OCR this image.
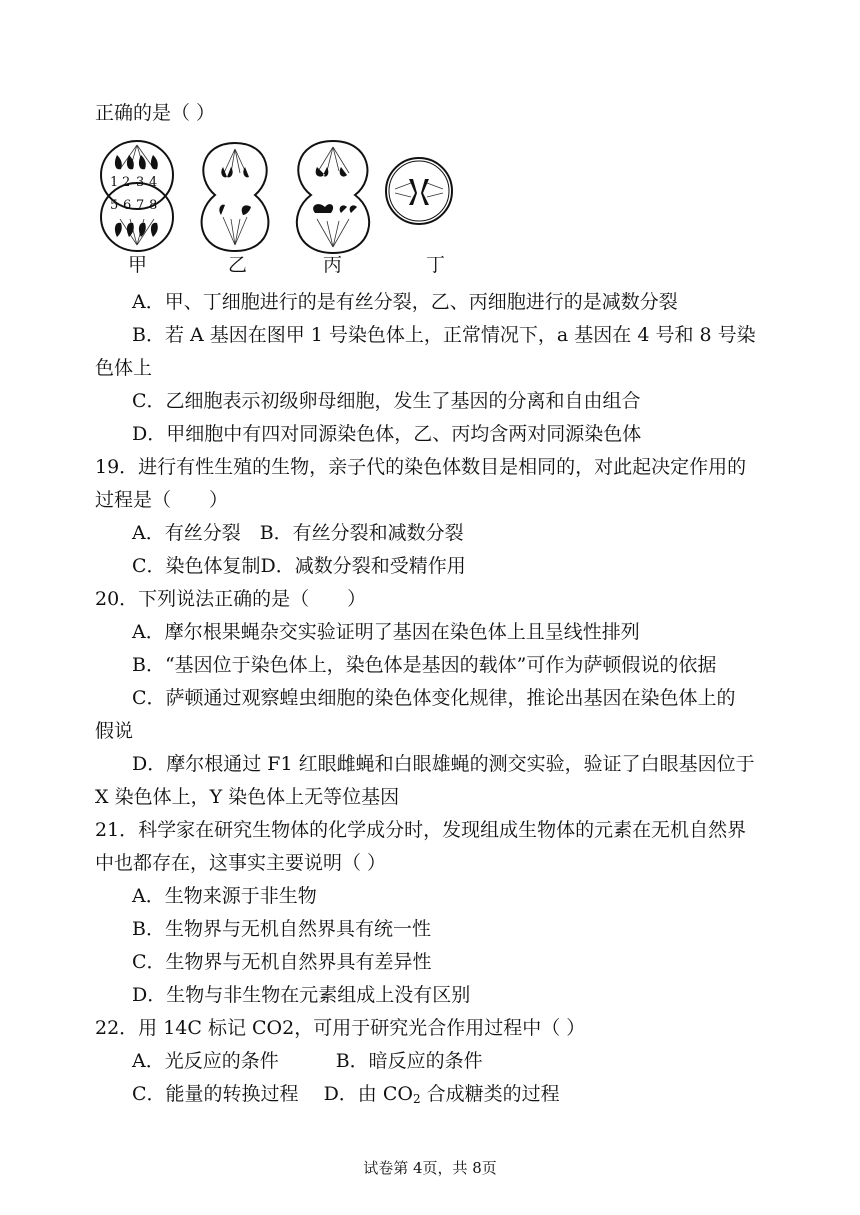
正确的是（ ）
1 2 3 4
5 6 7 8
甲	乙	丙	丁
A．甲、丁细胞进行的是有丝分裂，乙、丙细胞进行的是减数分裂
B．若 A 基因在图甲 1 号染色体上，正常情况下，a 基因在 4 号和 8 号染
色体上
C．乙细胞表示初级卵母细胞，发生了基因的分离和自由组合
D．甲细胞中有四对同源染色体，乙、丙均含两对同源染色体
19．进行有性生殖的生物，亲子代的染色体数目是相同的，对此起决定作用的
过程是（　　）
A．有丝分裂　B．有丝分裂和减数分裂
C．染色体复制D．减数分裂和受精作用
20．下列说法正确的是（　　）
A．摩尔根果蝇杂交实验证明了基因在染色体上且呈线性排列
B．“基因位于染色体上，染色体是基因的载体”可作为萨顿假说的依据
C．萨顿通过观察蝗虫细胞的染色体变化规律，推论出基因在染色体上的
假说
D．摩尔根通过 F1 红眼雌蝇和白眼雄蝇的测交实验，验证了白眼基因位于
X 染色体上，Y 染色体上无等位基因
21．科学家在研究生物体的化学成分时，发现组成生物体的元素在无机自然界
中也都存在，这事实主要说明（ ）
A．生物来源于非生物
B．生物界与无机自然界具有统一性
C．生物界与无机自然界具有差异性
D．生物与非生物在元素组成上没有区别
22．用 14C 标记 CO2，可用于研究光合作用过程中（ ）
A．光反应的条件　　　B．暗反应的条件
C．能量的转换过程　 D．由 $CO_2$ 合成糖类的过程
试卷第 4页，共 8页
